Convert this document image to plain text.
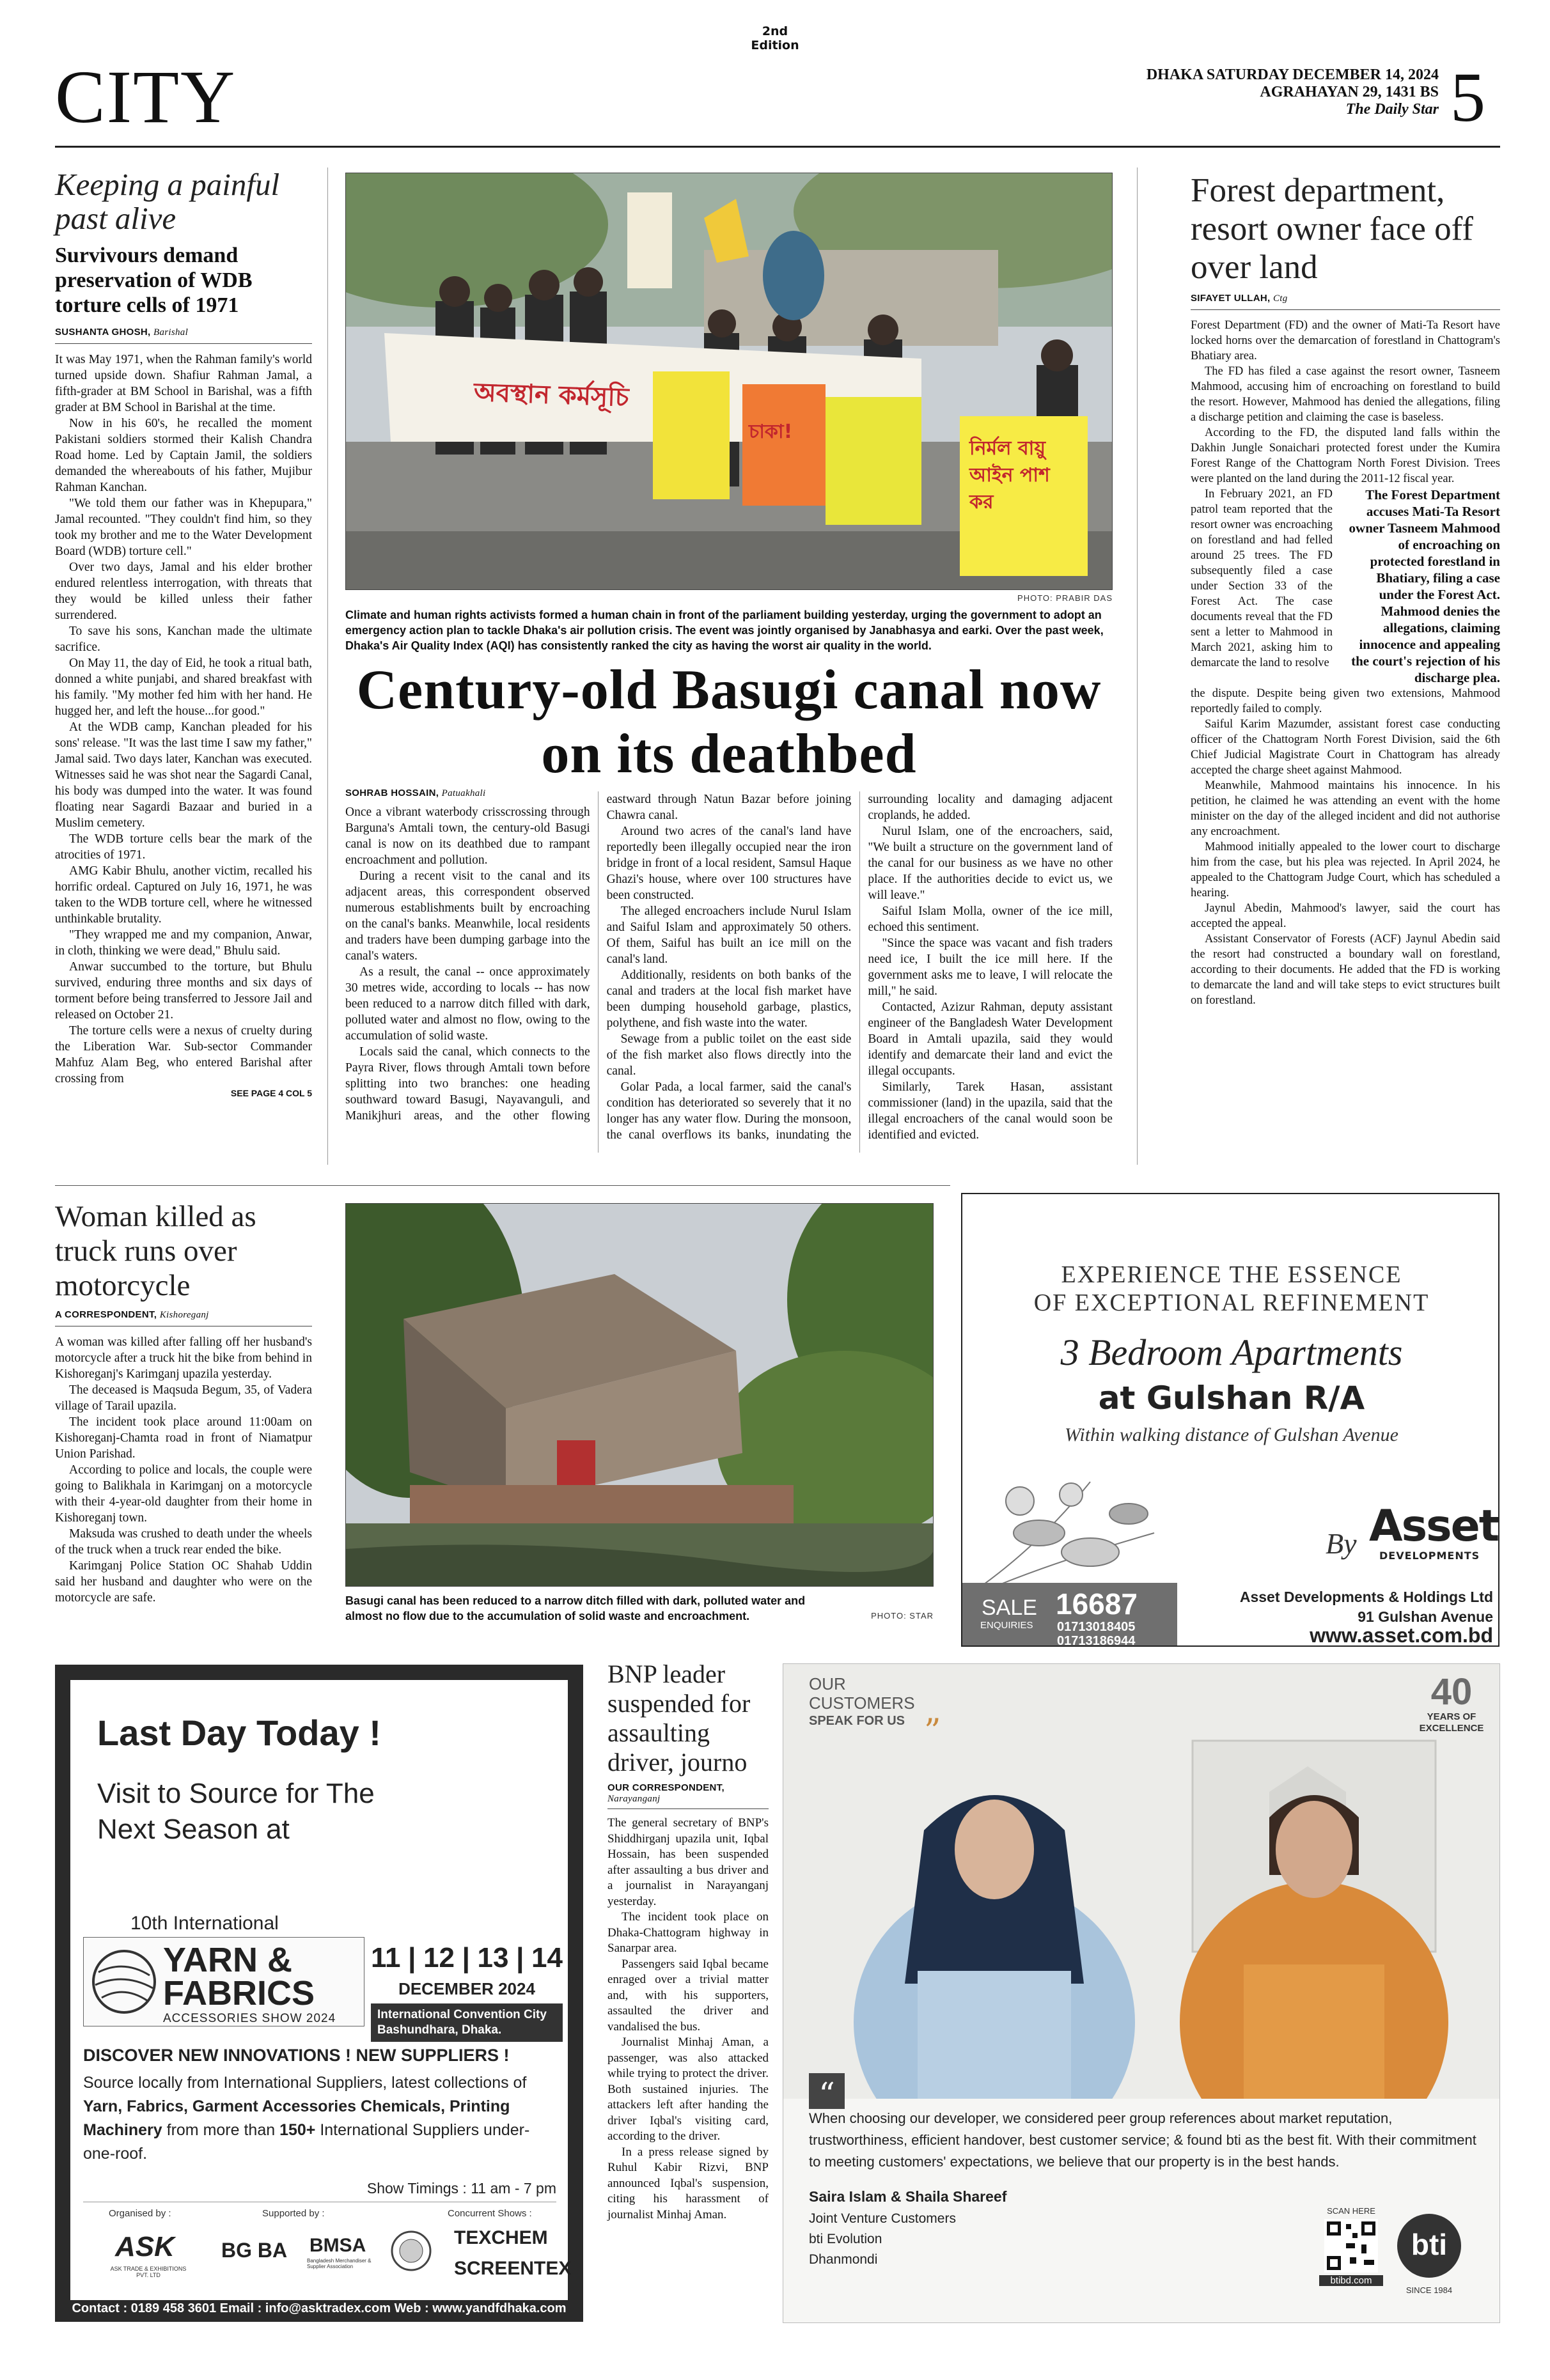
2nd Edition
CITY	DHAKA SATURDAY DECEMBER 14, 2024
AGRAHAYAN 29, 1431 BS
The Daily Star 5
Keeping a painful past alive
Survivours demand preservation of WDB torture cells of 1971
SUSHANTA GHOSH, Barishal

It was May 1971, when the Rahman family's world turned upside down. Shafiur Rahman Jamal, a fifth-grader at BM School in Barishal, was a fifth grader at BM School in Barishal at the time.

Now in his 60's, he recalled the moment Pakistani soldiers stormed their Kalish Chandra Road home. Led by Captain Jamil, the soldiers demanded the whereabouts of his father, Mujibur Rahman Kanchan.

"We told them our father was in Khepupara," Jamal recounted. "They couldn't find him, so they took my brother and me to the Water Development Board (WDB) torture cell."

Over two days, Jamal and his elder brother endured relentless interrogation, with threats that they would be killed unless their father surrendered.

To save his sons, Kanchan made the ultimate sacrifice.

On May 11, the day of Eid, he took a ritual bath, donned a white punjabi, and shared breakfast with his family. "My mother fed him with her hand. He hugged her, and left the house...for good."

At the WDB camp, Kanchan pleaded for his sons' release. "It was the last time I saw my father," Jamal said. Two days later, Kanchan was executed. Witnesses said he was shot near the Sagardi Canal, his body was dumped into the water. It was found floating near Sagardi Bazaar and buried in a Muslim cemetery.

The WDB torture cells bear the mark of the atrocities of 1971.

AMG Kabir Bhulu, another victim, recalled his horrific ordeal. Captured on July 16, 1971, he was taken to the WDB torture cell, where he witnessed unthinkable brutality.

"They wrapped me and my companion, Anwar, in cloth, thinking we were dead," Bhulu said.

Anwar succumbed to the torture, but Bhulu survived, enduring three months and six days of torment before being transferred to Jessore Jail and released on October 21.

The torture cells were a nexus of cruelty during the Liberation War. Sub-sector Commander Mahfuz Alam Beg, who entered Barishal after crossing from

SEE PAGE 4 COL 5
অবস্থান কর্মসূচি
চাকা!
নির্মল বায়ু আইন পাশ কর
PHOTO: PRABIR DAS
Climate and human rights activists formed a human chain in front of the parliament building yesterday, urging the government to adopt an emergency action plan to tackle Dhaka's air pollution crisis. The event was jointly organised by Janabhasya and earki. Over the past week, Dhaka's Air Quality Index (AQI) has consistently ranked the city as having the worst air quality in the world.
Century-old Basugi canal now on its deathbed
SOHRAB HOSSAIN, Patuakhali

Once a vibrant waterbody crisscrossing through Barguna's Amtali town, the century-old Basugi canal is now on its deathbed due to rampant encroachment and pollution.

During a recent visit to the canal and its adjacent areas, this correspondent observed numerous establishments built by encroaching on the canal's banks. Meanwhile, local residents and traders have been dumping garbage into the canal's waters.

As a result, the canal -- once approximately 30 metres wide, according to locals -- has now been reduced to a narrow ditch filled with dark, polluted water and almost no flow, owing to the accumulation of solid waste.

Locals said the canal, which connects to the Payra River, flows through Amtali town before splitting into two branches: one heading southward toward Basugi, Nayavanguli, and Manikjhuri areas, and the other flowing eastward through Natun Bazar before joining Chawra canal.

Around two acres of the canal's land have reportedly been illegally occupied near the iron bridge in front of a local resident, Samsul Haque Ghazi's house, where over 100 structures have been constructed.

The alleged encroachers include Nurul Islam and Saiful Islam and approximately 50 others. Of them, Saiful has built an ice mill on the canal's land.

Additionally, residents on both banks of the canal and traders at the local fish market have been dumping household garbage, plastics, polythene, and fish waste into the water.

Sewage from a public toilet on the east side of the fish market also flows directly into the canal.

Golar Pada, a local farmer, said the canal's condition has deteriorated so severely that it no longer has any water flow. During the monsoon, the canal overflows its banks, inundating the surrounding locality and damaging adjacent croplands, he added.

Nurul Islam, one of the encroachers, said, "We built a structure on the government land of the canal for our business as we have no other place. If the authorities decide to evict us, we will leave."

Saiful Islam Molla, owner of the ice mill, echoed this sentiment.

"Since the space was vacant and fish traders need ice, I built the ice mill here. If the government asks me to leave, I will relocate the mill," he said.

Contacted, Azizur Rahman, deputy assistant engineer of the Bangladesh Water Development Board in Amtali upazila, said they would identify and demarcate their land and evict the illegal occupants.

Similarly, Tarek Hasan, assistant commissioner (land) in the upazila, said that the illegal encroachers of the canal would soon be identified and evicted.

Forest department, resort owner face off over land
SIFAYET ULLAH, Ctg

Forest Department (FD) and the owner of Mati-Ta Resort have locked horns over the demarcation of forestland in Chattogram's Bhatiary area.

The FD has filed a case against the resort owner, Tasneem Mahmood, accusing him of encroaching on forestland to build the resort. However, Mahmood has denied the allegations, filing a discharge petition and claiming the case is baseless.

According to the FD, the disputed land falls within the Dakhin Jungle Sonaichari protected forest under the Kumira Forest Range of the Chattogram North Forest Division. Trees were planted on the land during the 2011-12 fiscal year.

In February 2021, an FD patrol team reported that the resort owner was encroaching on forestland and had felled around 25 trees. The FD subsequently filed a case under Section 33 of the Forest Act. The case documents reveal that the FD sent a letter to Mahmood in March 2021, asking him to demarcate the land to resolve

The Forest Department accuses Mati-Ta Resort owner Tasneem Mahmood of encroaching on protected forestland in Bhatiary, filing a case under the Forest Act. Mahmood denies the allegations, claiming innocence and appealing the court's rejection of his discharge plea.

the dispute. Despite being given two extensions, Mahmood reportedly failed to comply.

Saiful Karim Mazumder, assistant forest case conducting officer of the Chattogram North Forest Division, said the 6th Chief Judicial Magistrate Court in Chattogram has already accepted the charge sheet against Mahmood.

Meanwhile, Mahmood maintains his innocence. In his petition, he claimed he was attending an event with the home minister on the day of the alleged incident and did not authorise any encroachment.

Mahmood initially appealed to the lower court to discharge him from the case, but his plea was rejected. In April 2024, he appealed to the Chattogram Judge Court, which has scheduled a hearing.

Jaynul Abedin, Mahmood's lawyer, said the court has accepted the appeal.

Assistant Conservator of Forests (ACF) Jaynul Abedin said the resort had constructed a boundary wall on forestland, according to their documents. He added that the FD is working to demarcate the land and will take steps to evict structures built on forestland.

Woman killed as truck runs over motorcycle
A CORRESPONDENT, Kishoreganj

A woman was killed after falling off her husband's motorcycle after a truck hit the bike from behind in Kishoreganj's Karimganj upazila yesterday.

The deceased is Maqsuda Begum, 35, of Vadera village of Tarail upazila.

The incident took place around 11:00am on Kishoreganj-Chamta road in front of Niamatpur Union Parishad.

According to police and locals, the couple were going to Balikhala in Karimganj on a motorcycle with their 4-year-old daughter from their home in Kishoreganj town.

Maksuda was crushed to death under the wheels of the truck when a truck rear ended the bike.

Karimganj Police Station OC Shahab Uddin said her husband and daughter who were on the motorcycle are safe.	Basugi canal has been reduced to a narrow ditch filled with dark, polluted water and almost no flow due to the accumulation of solid waste and encroachment.	PHOTO: STAR
EXPERIENCE THE ESSENCE
OF EXCEPTIONAL REFINEMENT
3 Bedroom Apartments
at Gulshan R/A
Within walking distance of Gulshan Avenue
By Asset
DEVELOPMENTS
SALE
ENQUIRIES
16687
01713018405
01713186944
Asset Developments & Holdings Ltd
91 Gulshan Avenue
www.asset.com.bd
Last Day Today !
Visit to Source for The Next Season at
10th International
YARN &
FABRICS
ACCESSORIES SHOW 2024
11 | 12 | 13 | 14
DECEMBER 2024
International Convention City Bashundhara, Dhaka.
DISCOVER NEW INNOVATIONS ! NEW SUPPLIERS !
Source locally from International Suppliers, latest collections of Yarn, Fabrics, Garment Accessories Chemicals, Printing Machinery from more than 150+ International Suppliers under-one-roof.
Show Timings : 11 am - 7 pm
Organised by :	Supported by :	Concurrent Shows :
ASK
ASK TRADE & EXHIBITIONS PVT. LTD
BG BA BMSA
Bangladesh Merchandiser & Supplier Association
TEXCHEM
SCREENTEX
Contact : 0189 458 3601 Email : info@asktradex.com Web : www.yandfdhaka.com
BNP leader suspended for assaulting driver, journo
OUR CORRESPONDENT, Narayanganj

The general secretary of BNP's Shiddhirganj upazila unit, Iqbal Hossain, has been suspended after assaulting a bus driver and a journalist in Narayanganj yesterday.

The incident took place on Dhaka-Chattogram highway in Sanarpar area.

Passengers said Iqbal became enraged over a trivial matter and, with his supporters, assaulted the driver and vandalised the bus.

Journalist Minhaj Aman, a passenger, was also attacked while trying to protect the driver. Both sustained injuries. The attackers left after handing the driver Iqbal's visiting card, according to the driver.

In a press release signed by Ruhul Kabir Rizvi, BNP announced Iqbal's suspension, citing his harassment of journalist Minhaj Aman.

OUR
CUSTOMERS
SPEAK FOR US ”
40
YEARS OF EXCELLENCE
“
When choosing our developer, we considered peer group references about market reputation, trustworthiness, efficient handover, best customer service; & found bti as the best fit. With their commitment to meeting customers' expectations, we believe that our property is in the best hands.
Saira Islam & Shaila Shareef
Joint Venture Customers
bti Evolution
Dhanmondi
SCAN HERE
btibd.com
bti
SINCE 1984
